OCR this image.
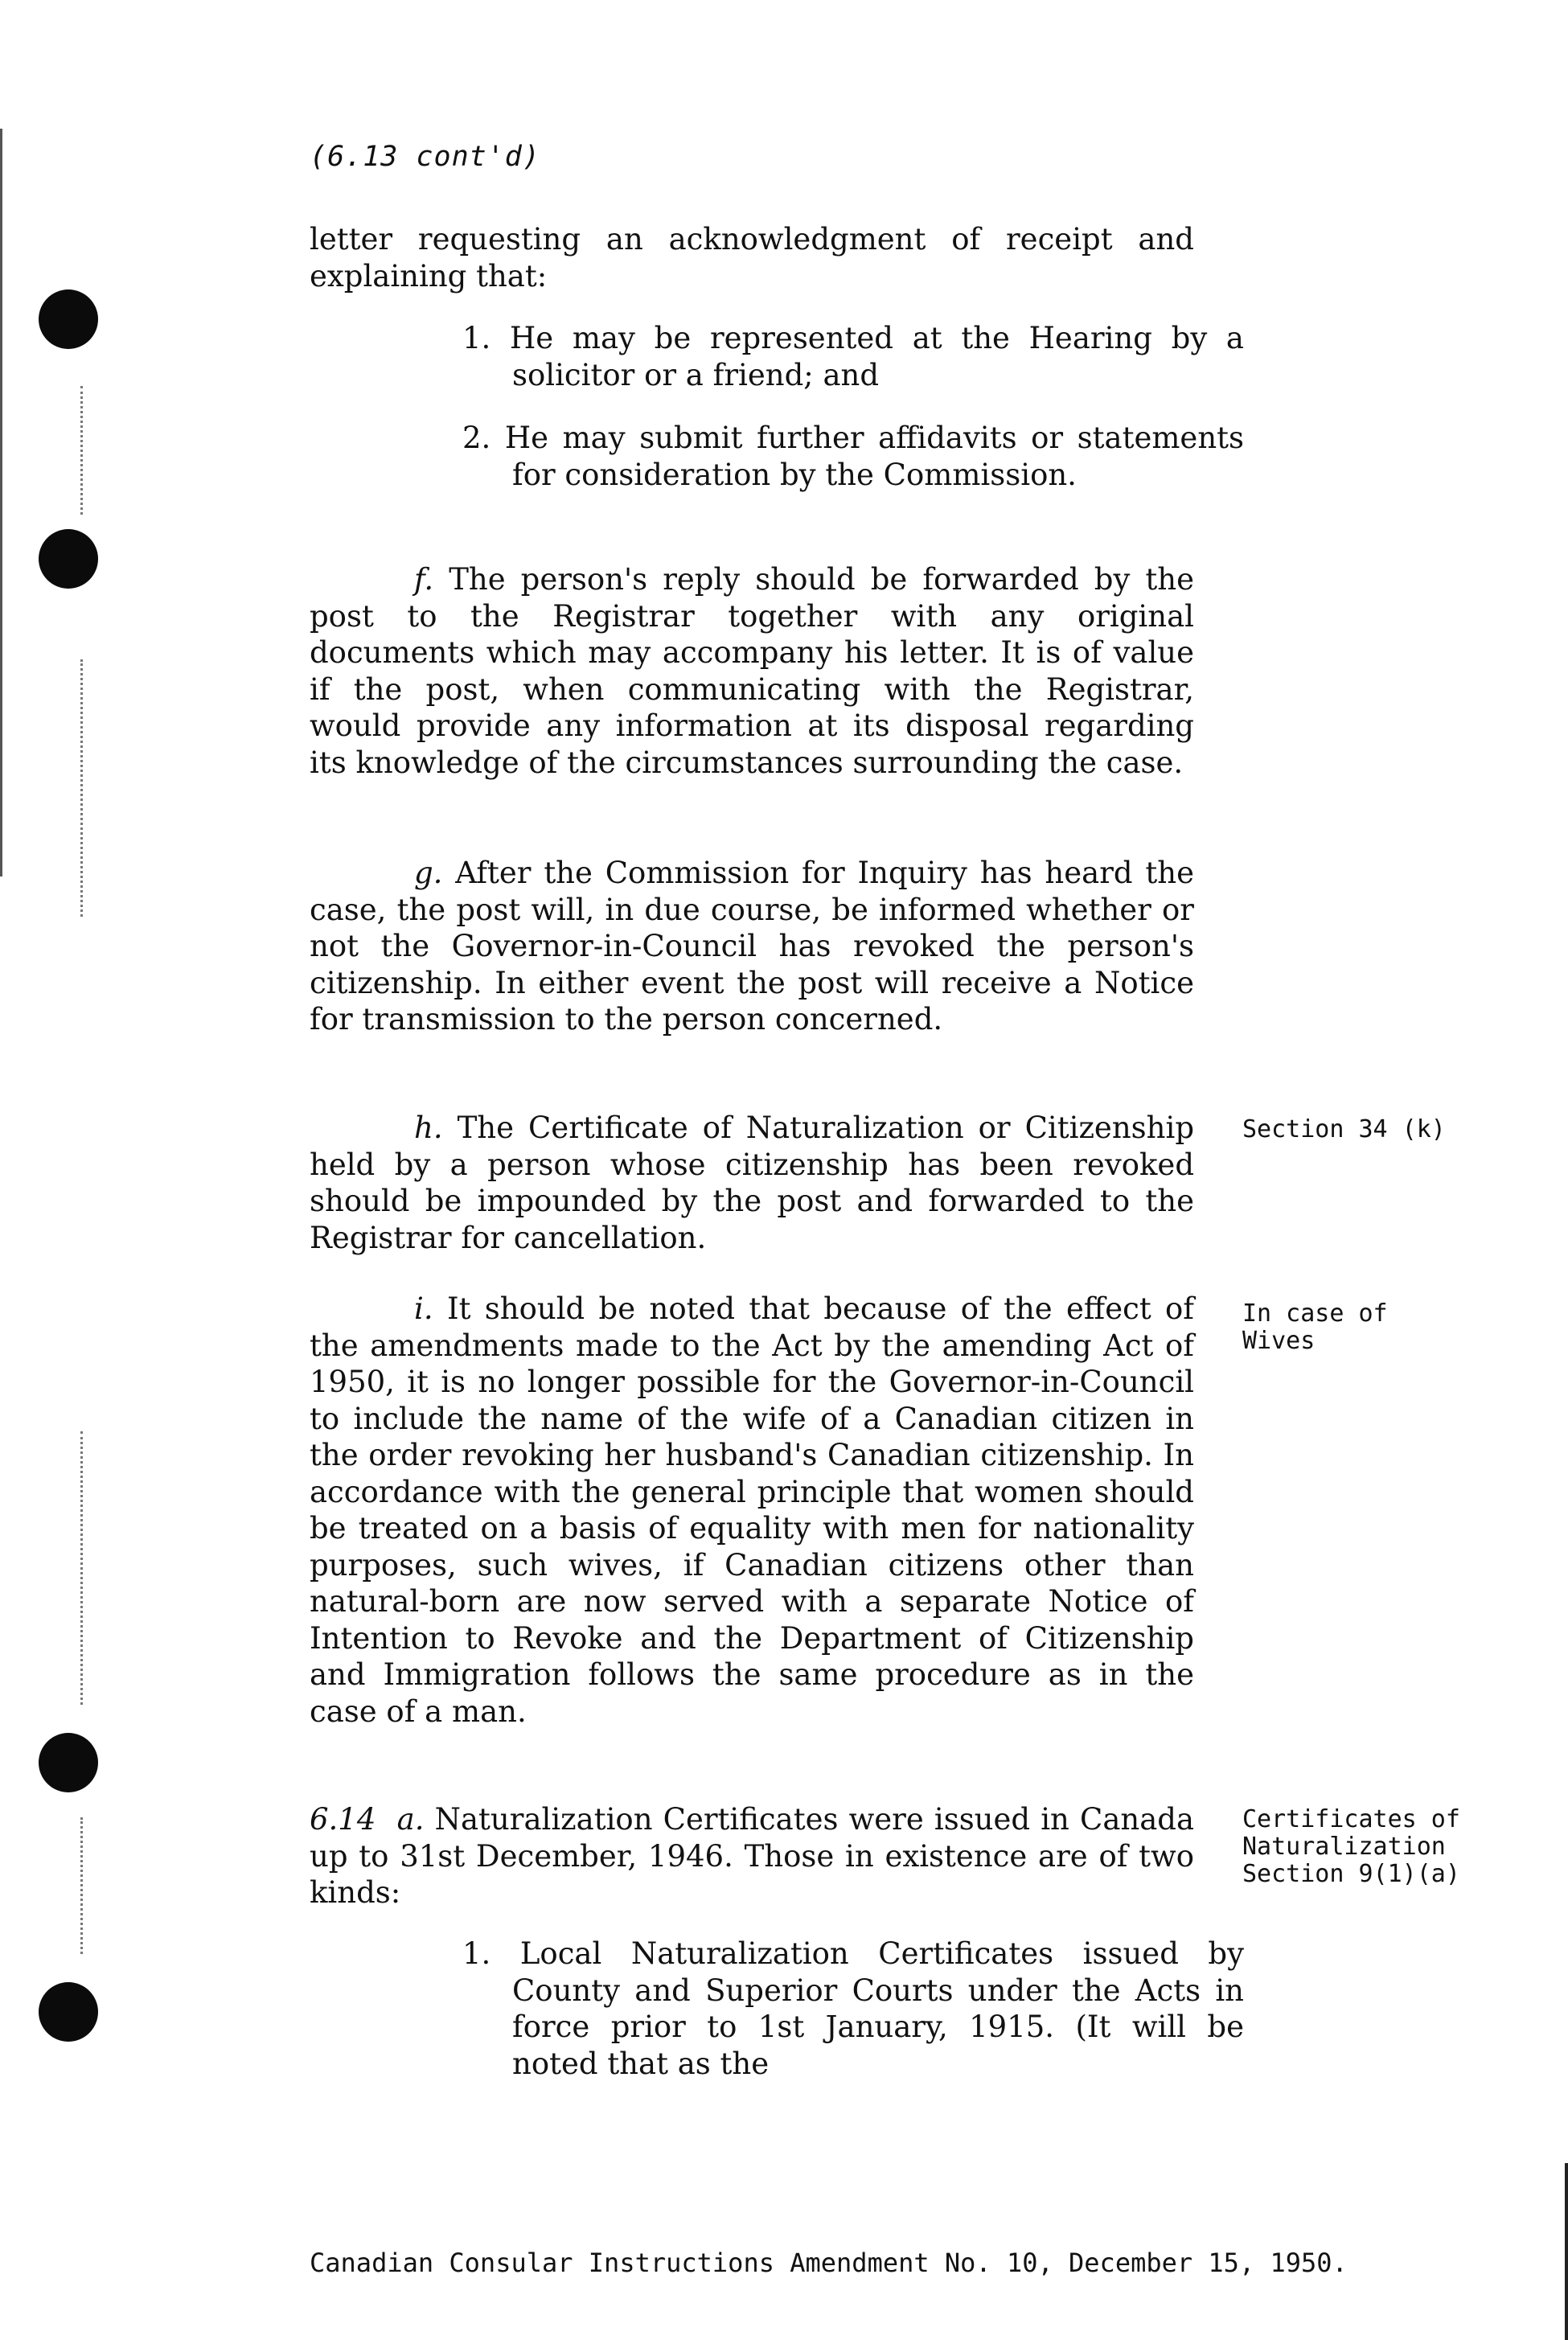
(6.13 cont'd)

letter requesting an acknowledgment of receipt and explaining that:

1. He may be represented at the Hearing by a solicitor or a friend; and

2. He may submit further affidavits or statements for consideration by the Commission.

f. The person's reply should be forwarded by the post to the Registrar together with any original documents which may accompany his letter. It is of value if the post, when communicating with the Registrar, would provide any information at its disposal regarding its knowledge of the circumstances surrounding the case.

g. After the Commission for Inquiry has heard the case, the post will, in due course, be informed whether or not the Governor-in-Council has revoked the person's citizenship. In either event the post will receive a Notice for transmission to the person concerned.

h. The Certificate of Naturalization or Citizenship held by a person whose citizenship has been revoked should be impounded by the post and forwarded to the Registrar for cancellation.

i. It should be noted that because of the effect of the amendments made to the Act by the amending Act of 1950, it is no longer possible for the Governor-in-Council to include the name of the wife of a Canadian citizen in the order revoking her husband's Canadian citizenship. In accordance with the general principle that women should be treated on a basis of equality with men for nationality purposes, such wives, if Canadian citizens other than natural-born are now served with a separate Notice of Intention to Revoke and the Department of Citizenship and Immigration follows the same procedure as in the case of a man.

6.14 a. Naturalization Certificates were issued in Canada up to 31st December, 1946. Those in existence are of two kinds:

1. Local Naturalization Certificates issued by County and Superior Courts under the Acts in force prior to 1st January, 1915. (It will be noted that as the

Section 34 (k)

In case of Wives

Certificates of Naturalization Section 9(1)(a)

Canadian Consular Instructions Amendment No. 10, December 15, 1950.
